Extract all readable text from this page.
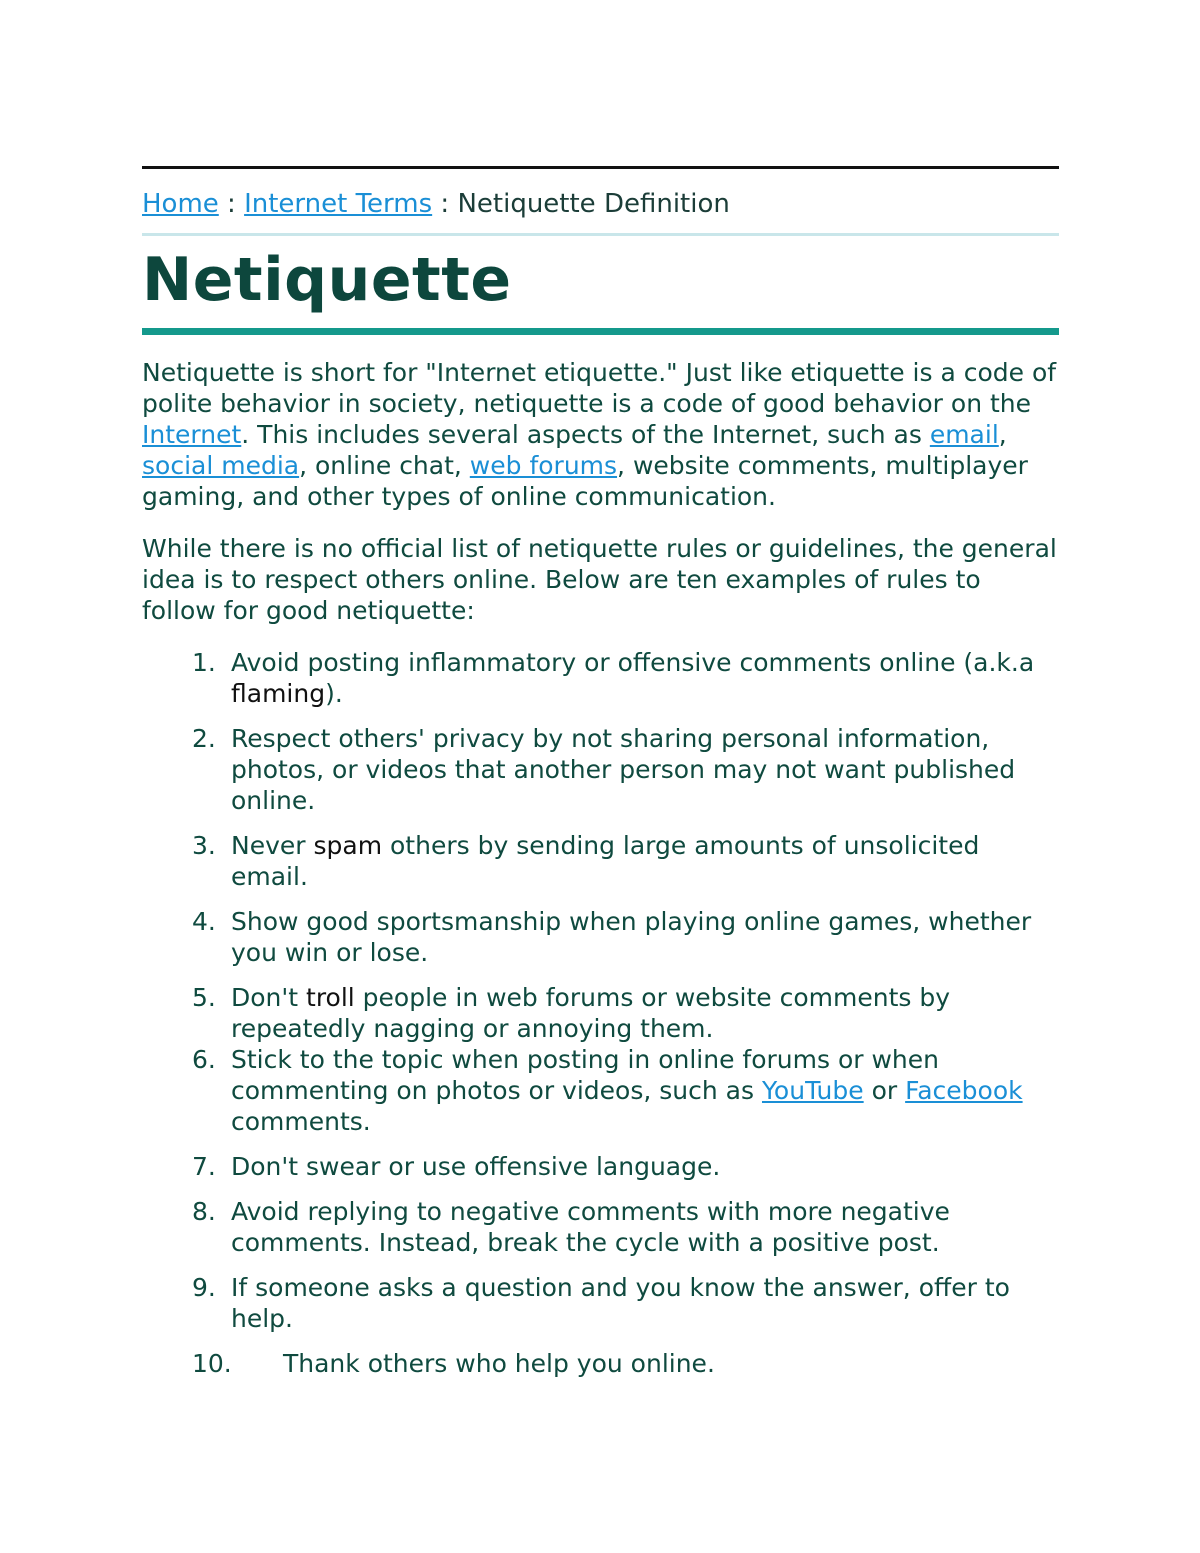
Home : Internet Terms : Netiquette Definition
Netiquette

Netiquette is short for "Internet etiquette." Just like etiquette is a code of polite behavior in society, netiquette is a code of good behavior on the Internet. This includes several aspects of the Internet, such as email, social media, online chat, web forums, website comments, multiplayer gaming, and other types of online communication.

While there is no official list of netiquette rules or guidelines, the general idea is to respect others online. Below are ten examples of rules to follow for good netiquette:

1. Avoid posting inflammatory or offensive comments online (a.k.a flaming).
2. Respect others' privacy by not sharing personal information, photos, or videos that another person may not want published online.
3. Never spam others by sending large amounts of unsolicited email.
4. Show good sportsmanship when playing online games, whether you win or lose.
5. Don't troll people in web forums or website comments by repeatedly nagging or annoying them.
6. Stick to the topic when posting in online forums or when commenting on photos or videos, such as YouTube or Facebook comments.
7. Don't swear or use offensive language.
8. Avoid replying to negative comments with more negative comments. Instead, break the cycle with a positive post.
9. If someone asks a question and you know the answer, offer to help.
10. Thank others who help you online.
